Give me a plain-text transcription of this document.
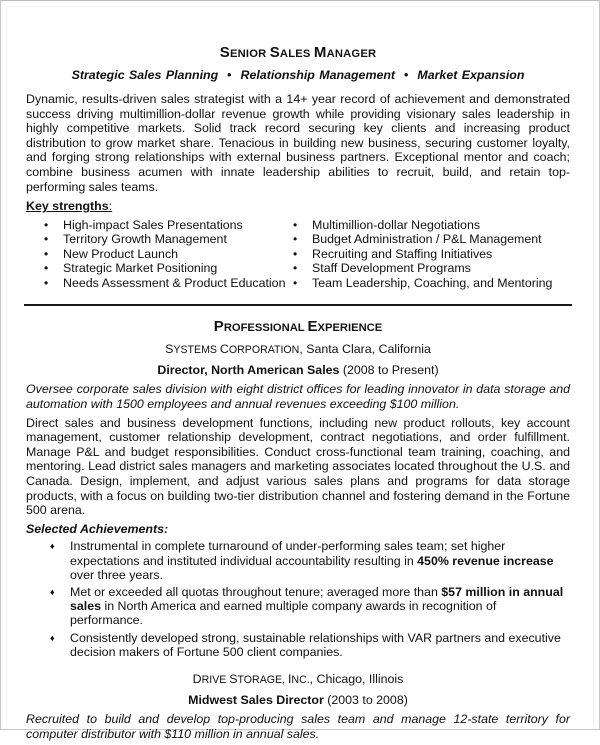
SENIOR SALES MANAGER
Strategic Sales Planning • Relationship Management • Market Expansion

Dynamic, results-driven sales strategist with a 14+ year record of achievement and demonstrated success driving multimillion-dollar revenue growth while providing visionary sales leadership in highly competitive markets. Solid track record securing key clients and increasing product distribution to grow market share. Tenacious in building new business, securing customer loyalty, and forging strong relationships with external business partners. Exceptional mentor and coach; combine business acumen with innate leadership abilities to recruit, build, and retain top-performing sales teams.

Key strengths:
• High-impact Sales Presentations
• Territory Growth Management
• New Product Launch
• Strategic Market Positioning
• Needs Assessment & Product Education
• Multimillion-dollar Negotiations
• Budget Administration / P&L Management
• Recruiting and Staffing Initiatives
• Staff Development Programs
• Team Leadership, Coaching, and Mentoring
PROFESSIONAL EXPERIENCE
SYSTEMS CORPORATION, Santa Clara, California
Director, North American Sales (2008 to Present)

Oversee corporate sales division with eight district offices for leading innovator in data storage and automation with 1500 employees and annual revenues exceeding $100 million.

Direct sales and business development functions, including new product rollouts, key account management, customer relationship development, contract negotiations, and order fulfillment. Manage P&L and budget responsibilities. Conduct cross-functional team training, coaching, and mentoring. Lead district sales managers and marketing associates located throughout the U.S. and Canada. Design, implement, and adjust various sales plans and programs for data storage products, with a focus on building two-tier distribution channel and fostering demand in the Fortune 500 arena.

Selected Achievements:
♦ Instrumental in complete turnaround of under-performing sales team; set higher expectations and instituted individual accountability resulting in 450% revenue increase over three years.
♦ Met or exceeded all quotas throughout tenure; averaged more than $57 million in annual sales in North America and earned multiple company awards in recognition of performance.
♦ Consistently developed strong, sustainable relationships with VAR partners and executive decision makers of Fortune 500 client companies.
DRIVE STORAGE, INC., Chicago, Illinois
Midwest Sales Director (2003 to 2008)

Recruited to build and develop top-producing sales team and manage 12-state territory for computer distributor with $110 million in annual sales.
